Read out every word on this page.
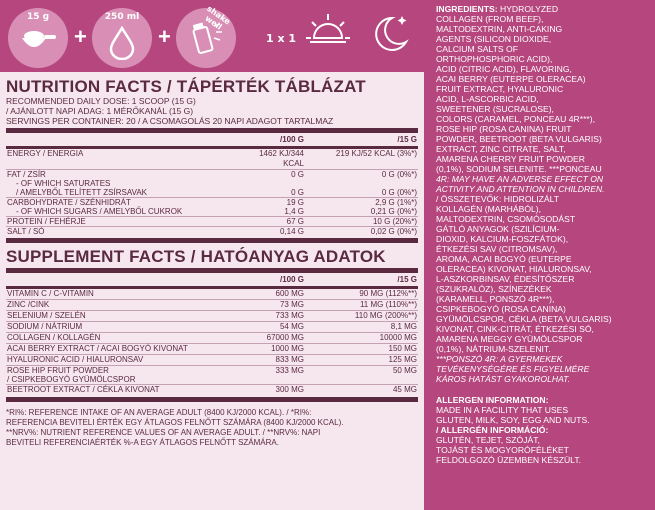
15 g
+
250 ml
+
shake well
1 x 1
NUTRITION FACTS / TÁPÉRTÉK TÁBLÁZAT
RECOMMENDED DAILY DOSE: 1 SCOOP (15 G)
/ AJÁNLOTT NAPI ADAG: 1 MÉRŐKANÁL (15 G)
SERVINGS PER CONTAINER: 20 / A CSOMAGOLÁS 20 NAPI ADAGOT TARTALMAZ
	/100 G	/15 G
ENERGY / ENERGIA	1462 KJ/344 KCAL	219 KJ/52 KCAL (3%*)
FAT / ZSÍR	0 G	0 G (0%*)
- OF WHICH SATURATES		
/ AMELYBŐL TELÍTETT ZSÍRSAVAK	0 G	0 G (0%*)
CARBOHYDRATE / SZÉNHIDRÁT	19 G	2,9 G (1%*)
- OF WHICH SUGARS / AMELYBŐL CUKROK	1,4 G	0,21 G (0%*)
PROTEIN / FEHÉRJE	67 G	10 G (20%*)
SALT / SÓ	0,14 G	0,02 G (0%*)
SUPPLEMENT FACTS / HATÓANYAG ADATOK
	/100 G	/15 G
VITAMIN C / C-VITAMIN	600 MG	90 MG (112%**)
ZINC /CINK	73 MG	11 MG (110%**)
SELENIUM / SZELÉN	733 ΜG	110 ΜG (200%**)
SODIUM / NÁTRIUM	54 MG	8,1 MG
COLLAGEN / KOLLAGÉN	67000 MG	10000 MG
ACAI BERRY EXTRACT / ACAI BOGYÓ KIVONAT	1000 MG	150 MG
HYALURONIC ACID / HIALURONSAV	833 MG	125 MG
ROSE HIP FRUIT POWDER	333 MG	50 MG
/ CSIPKEBOGYÓ GYÜMÖLCSPOR		
BEETROOT EXTRACT / CÉKLA KIVONAT	300 MG	45 MG
*RI%: REFERENCE INTAKE OF AN AVERAGE ADULT (8400 KJ/2000 KCAL). / *RI%:
REFERENCIA BEVITELI ÉRTÉK EGY ÁTLAGOS FELNŐTT SZÁMÁRA (8400 KJ/2000 KCAL).
**NRV%: NUTRIENT REFERENCE VALUES OF AN AVERAGE ADULT. / **NRV%: NAPI
BEVITELI REFERENCIAÉRTÉK %-A EGY ÁTLAGOS FELNŐTT SZÁMÁRA.
INGREDIENTS: HYDROLYZED
COLLAGEN (FROM BEEF),
MALTODEXTRIN, ANTI-CAKING
AGENTS (SILICON DIOXIDE,
CALCIUM SALTS OF
ORTHOPHOSPHORIC ACID),
ACID (CITRIC ACID), FLAVORING,
ACAI BERRY (EUTERPE OLERACEA)
FRUIT EXTRACT, HYALURONIC
ACID, L-ASCORBIC ACID,
SWEETENER (SUCRALOSE),
COLORS (CARAMEL, PONCEAU 4R***),
ROSE HIP (ROSA CANINA) FRUIT
POWDER, BEETROOT (BETA VULGARIS)
EXTRACT, ZINC CITRATE, SALT,
AMARENA CHERRY FRUIT POWDER
(0,1%), SODIUM SELENITE. ***PONCEAU
4R: MAY HAVE AN ADVERSE EFFECT ON
ACTIVITY AND ATTENTION IN CHILDREN.
/ ÖSSZETEVŐK: HIDROLIZÁLT
KOLLAGÉN (MARHÁBÓL),
MALTODEXTRIN, CSOMÓSODÁST
GÁTLÓ ANYAGOK (SZILÍCIUM-
DIOXID, KALCIUM-FOSZFÁTOK),
ÉTKEZÉSI SAV (CITROMSAV),
AROMA, ACAI BOGYÓ (EUTERPE
OLERACEA) KIVONAT, HIALURONSAV,
L-ASZKORBINSAV, ÉDESÍTŐSZER
(SZUKRALÓZ), SZÍNEZÉKEK
(KARAMELL, PONSZÓ 4R***),
CSIPKEBOGYÓ (ROSA CANINA)
GYÜMÖLCSPOR, CÉKLA (BETA VULGARIS)
KIVONAT, CINK-CITRÁT, ÉTKEZÉSI SÓ,
AMARENA MEGGY GYÜMÖLCSPOR
(0,1%), NÁTRIUM-SZELENIT.
***PONSZÓ 4R: A GYERMEKEK
TEVÉKENYSÉGÉRE ÉS FIGYELMÉRE
KÁROS HATÁST GYAKOROLHAT.
ALLERGEN INFORMATION:
MADE IN A FACILITY THAT USES
GLUTEN, MILK, SOY, EGG AND NUTS.
/ ALLERGÉN INFORMÁCIÓ:
GLUTÉN, TEJET, SZÓJÁT,
TOJÁST ÉS MOGYORÓFÉLÉKET
FELDOLGOZÓ ÜZEMBEN KÉSZÜLT.
